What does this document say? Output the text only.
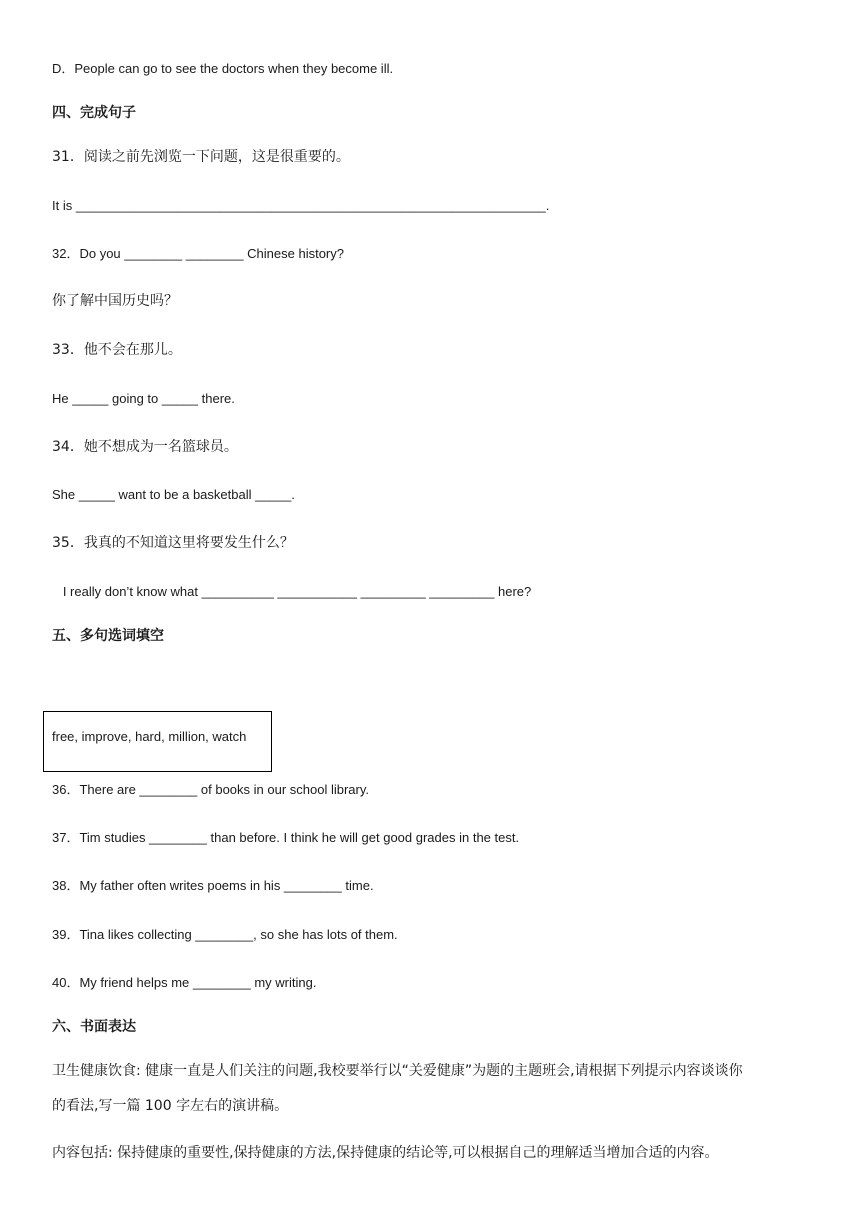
D．People can go to see the doctors when they become ill.
四、完成句子
31．阅读之前先浏览一下问题，这是很重要的。
It is _________________________________________________________________.
32．Do you ________ ________ Chinese history?
你了解中国历史吗？
33．他不会在那儿。
He _____ going to _____ there.
34．她不想成为一名篮球员。
She _____ want to be a basketball _____.
35．我真的不知道这里将要发生什么？
I really don’t know what __________ ___________ _________ _________ here?
五、多句选词填空
free, improve, hard, million, watch
36．There are ________ of books in our school library.
37．Tim studies ________ than before. I think he will get good grades in the test.
38．My father often writes poems in his ________ time.
39．Tina likes collecting ________, so she has lots of them.
40．My friend helps me ________ my writing.
六、书面表达
卫生健康饮食: 健康一直是人们关注的问题,我校要举行以“关爱健康”为题的主题班会,请根据下列提示内容谈谈你
的看法,写一篇 100 字左右的演讲稿。
内容包括: 保持健康的重要性,保持健康的方法,保持健康的结论等,可以根据自己的理解适当增加合适的内容。
